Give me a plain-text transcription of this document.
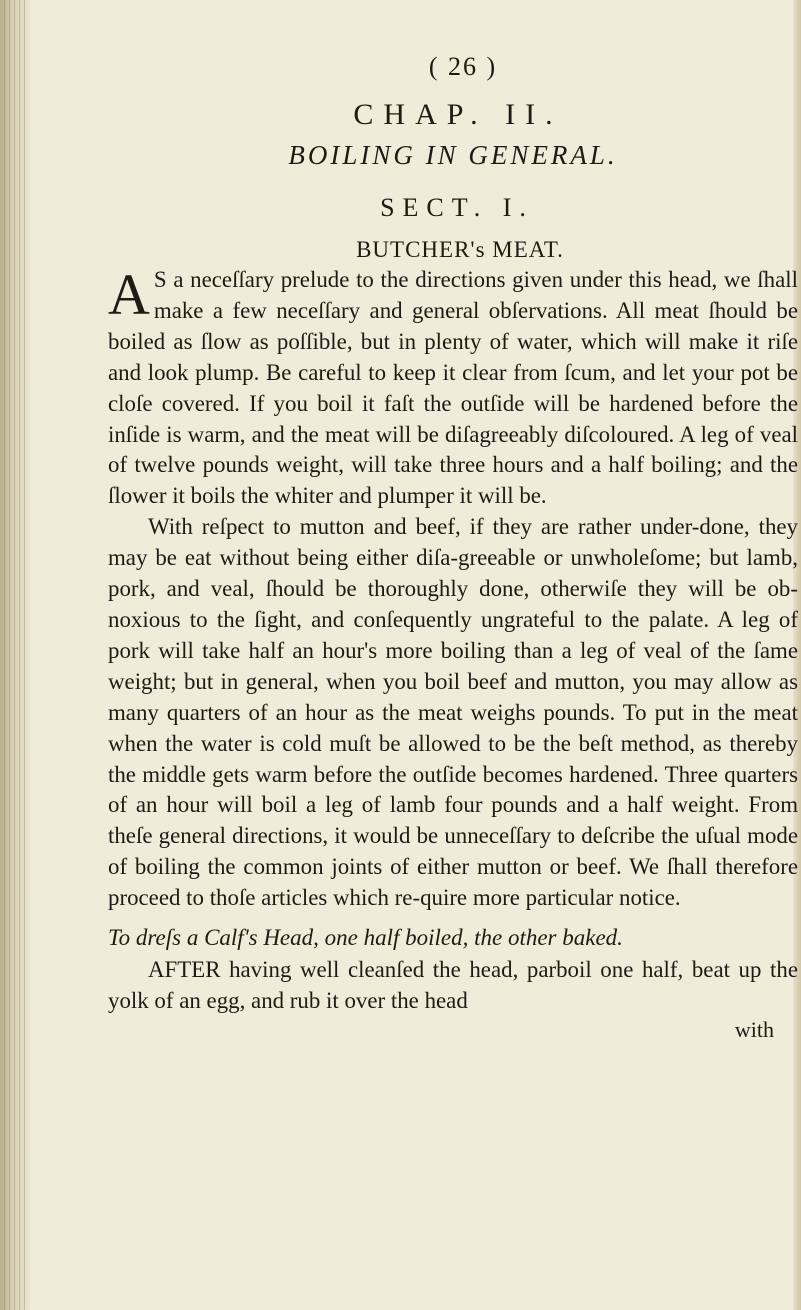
( 26 )
CHAP. II.
BOILING IN GENERAL.
SECT. I.
BUTCHER's MEAT.

A S a neceſſary prelude to the directions given under this head, we ſhall make a few neceſſary and general obſervations. All meat ſhould be boiled as ſlow as poſſible, but in plenty of water, which will make it riſe and look plump. Be careful to keep it clear from ſcum, and let your pot be cloſe covered. If you boil it faſt the outſide will be hardened before the inſide is warm, and the meat will be diſagreeably diſcoloured. A leg of veal of twelve pounds weight, will take three hours and a half boiling; and the ſlower it boils the whiter and plumper it will be.

With reſpect to mutton and beef, if they are rather under-done, they may be eat without being either diſa-greeable or unwholeſome; but lamb, pork, and veal, ſhould be thoroughly done, otherwiſe they will be ob-noxious to the ſight, and conſequently ungrateful to the palate. A leg of pork will take half an hour's more boiling than a leg of veal of the ſame weight; but in general, when you boil beef and mutton, you may allow as many quarters of an hour as the meat weighs pounds. To put in the meat when the water is cold muſt be allowed to be the beſt method, as thereby the middle gets warm before the outſide becomes hardened. Three quarters of an hour will boil a leg of lamb four pounds and a half weight. From theſe general directions, it would be unneceſſary to deſcribe the uſual mode of boiling the common joints of either mutton or beef. We ſhall therefore proceed to thoſe articles which re-quire more particular notice.

To dreſs a Calf's Head, one half boiled, the other baked.

AFTER having well cleanſed the head, parboil one half, beat up the yolk of an egg, and rub it over the head

with
